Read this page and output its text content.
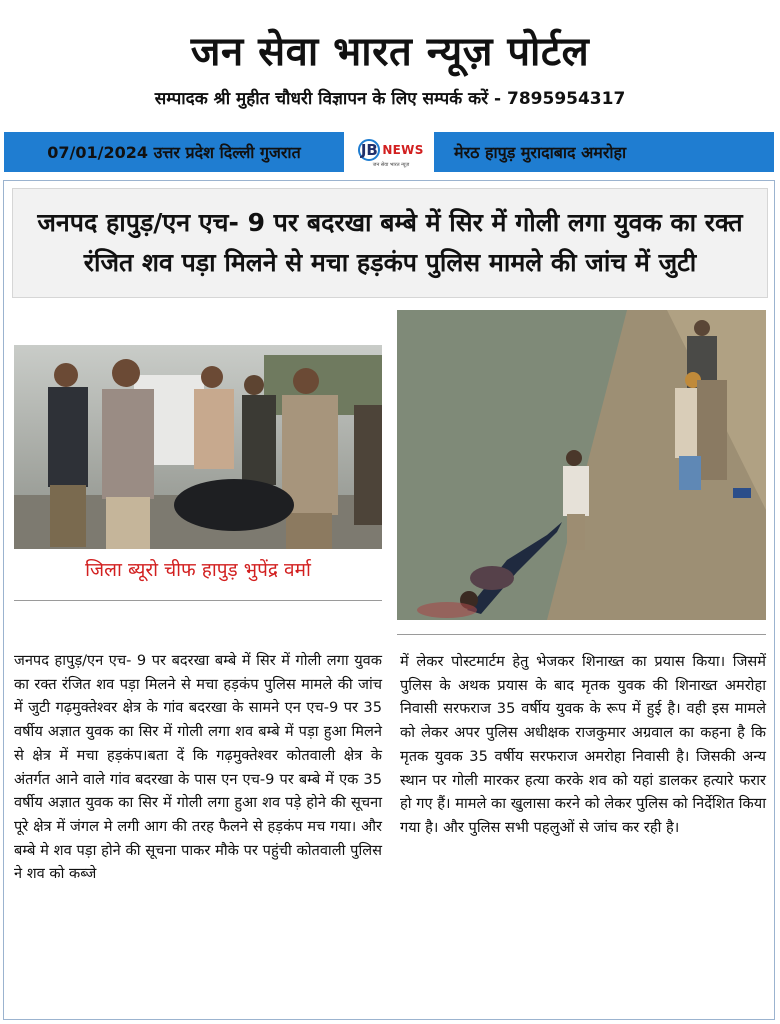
जन सेवा भारत न्यूज़ पोर्टल
सम्पादक श्री मुहीत चौधरी विज्ञापन के लिए सम्पर्क करें - 7895954317
07/01/2024 उत्तर प्रदेश दिल्ली गुजरात	JB NEWS
जन सेवा भारत न्यूज़
मेरठ हापुड़ मुरादाबाद अमरोहा
जनपद हापुड़/एन एच- 9 पर बदरखा बम्बे में सिर में गोली लगा युवक का रक्त रंजित शव पड़ा मिलने से मचा हड़कंप पुलिस मामले की जांच में जुटी
जिला ब्यूरो चीफ हापुड़ भुपेंद्र वर्मा
जनपद हापुड़/एन एच- 9 पर बदरखा बम्बे में सिर में गोली लगा युवक का रक्त रंजित शव पड़ा मिलने से मचा हड़कंप पुलिस मामले की जांच में जुटी गढ़मुक्तेश्वर क्षेत्र के गांव बदरखा के सामने एन एच-9 पर 35 वर्षीय अज्ञात युवक का सिर में गोली लगा शव बम्बे में पड़ा हुआ मिलने से क्षेत्र में मचा हड़कंप।बता दें कि गढ़मुक्तेश्वर कोतवाली क्षेत्र के अंतर्गत आने वाले गांव बदरखा के पास एन एच-9 पर बम्बे में एक 35 वर्षीय अज्ञात युवक का सिर में गोली लगा हुआ शव पड़े होने की सूचना पूरे क्षेत्र में जंगल मे लगी आग की तरह फैलने से हड़कंप मच गया। और बम्बे मे शव पड़ा होने की सूचना पाकर मौके पर पहुंची कोतवाली पुलिस ने शव को कब्जे
में लेकर पोस्टमार्टम हेतु भेजकर शिनाख्त का प्रयास किया। जिसमें पुलिस के अथक प्रयास के बाद मृतक युवक की शिनाख्त अमरोहा निवासी सरफराज 35 वर्षीय युवक के रूप में हुई है। वही इस मामले को लेकर अपर पुलिस अधीक्षक राजकुमार अग्रवाल का कहना है कि मृतक युवक 35 वर्षीय सरफराज अमरोहा निवासी है। जिसकी अन्य स्थान पर गोली मारकर हत्या करके शव को यहां डालकर हत्यारे फरार हो गए हैं। मामले का खुलासा करने को लेकर पुलिस को निर्देशित किया गया है। और पुलिस सभी पहलुओं से जांच कर रही है।
